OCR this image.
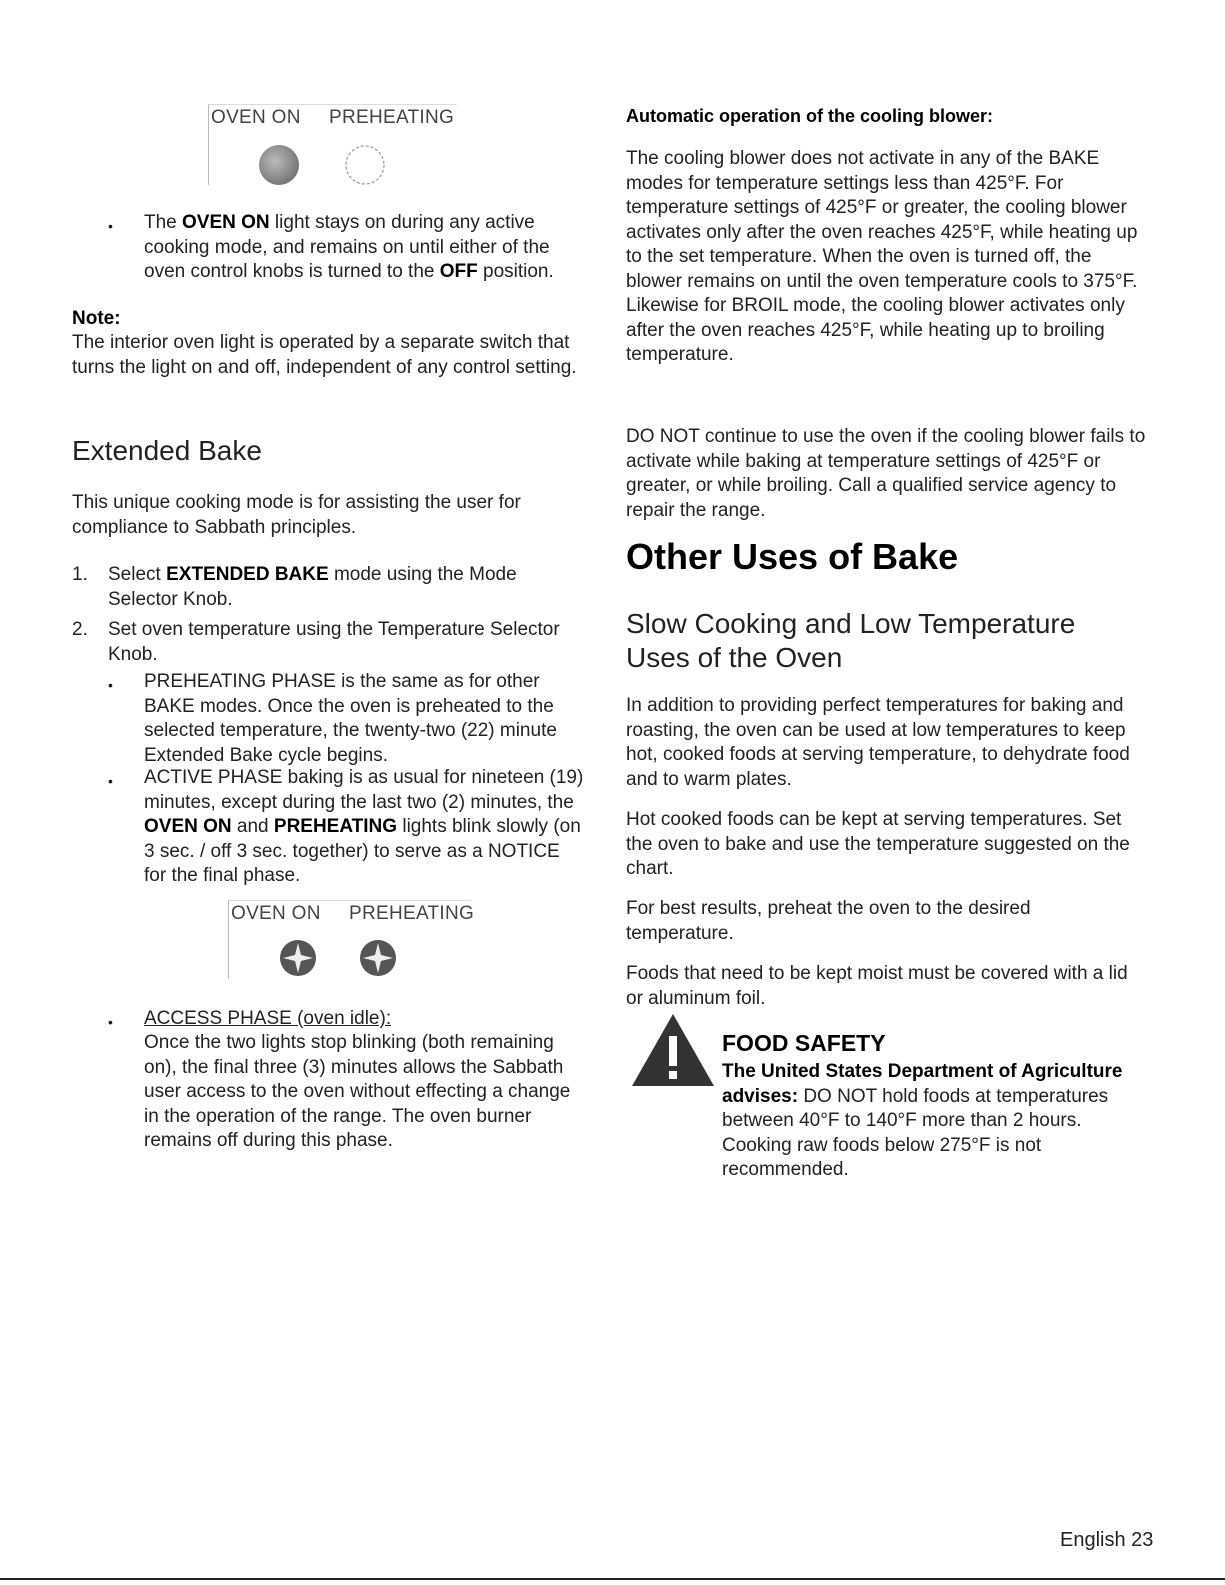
OVEN ON PREHEATING
• The OVEN ON light stays on during any active cooking mode, and remains on until either of the oven control knobs is turned to the OFF position.

Note:

The interior oven light is operated by a separate switch that turns the light on and off, independent of any control setting.

Extended Bake

This unique cooking mode is for assisting the user for compliance to Sabbath principles.

1. Select EXTENDED BAKE mode using the Mode Selector Knob.

2. Set oven temperature using the Temperature Selector Knob.

• PREHEATING PHASE is the same as for other BAKE modes. Once the oven is preheated to the selected temperature, the twenty-two (22) minute Extended Bake cycle begins.

• ACTIVE PHASE baking is as usual for nineteen (19) minutes, except during the last two (2) minutes, the OVEN ON and PREHEATING lights blink slowly (on 3 sec. / off 3 sec. together) to serve as a NOTICE for the final phase.

OVEN ON PREHEATING
• ACCESS PHASE (oven idle):

Once the two lights stop blinking (both remaining on), the final three (3) minutes allows the Sabbath user access to the oven without effecting a change in the operation of the range. The oven burner remains off during this phase.

Automatic operation of the cooling blower:

The cooling blower does not activate in any of the BAKE modes for temperature settings less than 425°F. For temperature settings of 425°F or greater, the cooling blower activates only after the oven reaches 425°F, while heating up to the set temperature. When the oven is turned off, the blower remains on until the oven temperature cools to 375°F. Likewise for BROIL mode, the cooling blower activates only after the oven reaches 425°F, while heating up to broiling temperature.

DO NOT continue to use the oven if the cooling blower fails to activate while baking at temperature settings of 425°F or greater, or while broiling. Call a qualified service agency to repair the range.

Other Uses of Bake
Slow Cooking and Low Temperature Uses of the Oven

In addition to providing perfect temperatures for baking and roasting, the oven can be used at low temperatures to keep hot, cooked foods at serving temperature, to dehydrate food and to warm plates.

Hot cooked foods can be kept at serving temperatures. Set the oven to bake and use the temperature suggested on the chart.

For best results, preheat the oven to the desired temperature.

Foods that need to be kept moist must be covered with a lid or aluminum foil.

FOOD SAFETY

The United States Department of Agriculture advises: DO NOT hold foods at temperatures between 40°F to 140°F more than 2 hours. Cooking raw foods below 275°F is not recommended.

English 23
